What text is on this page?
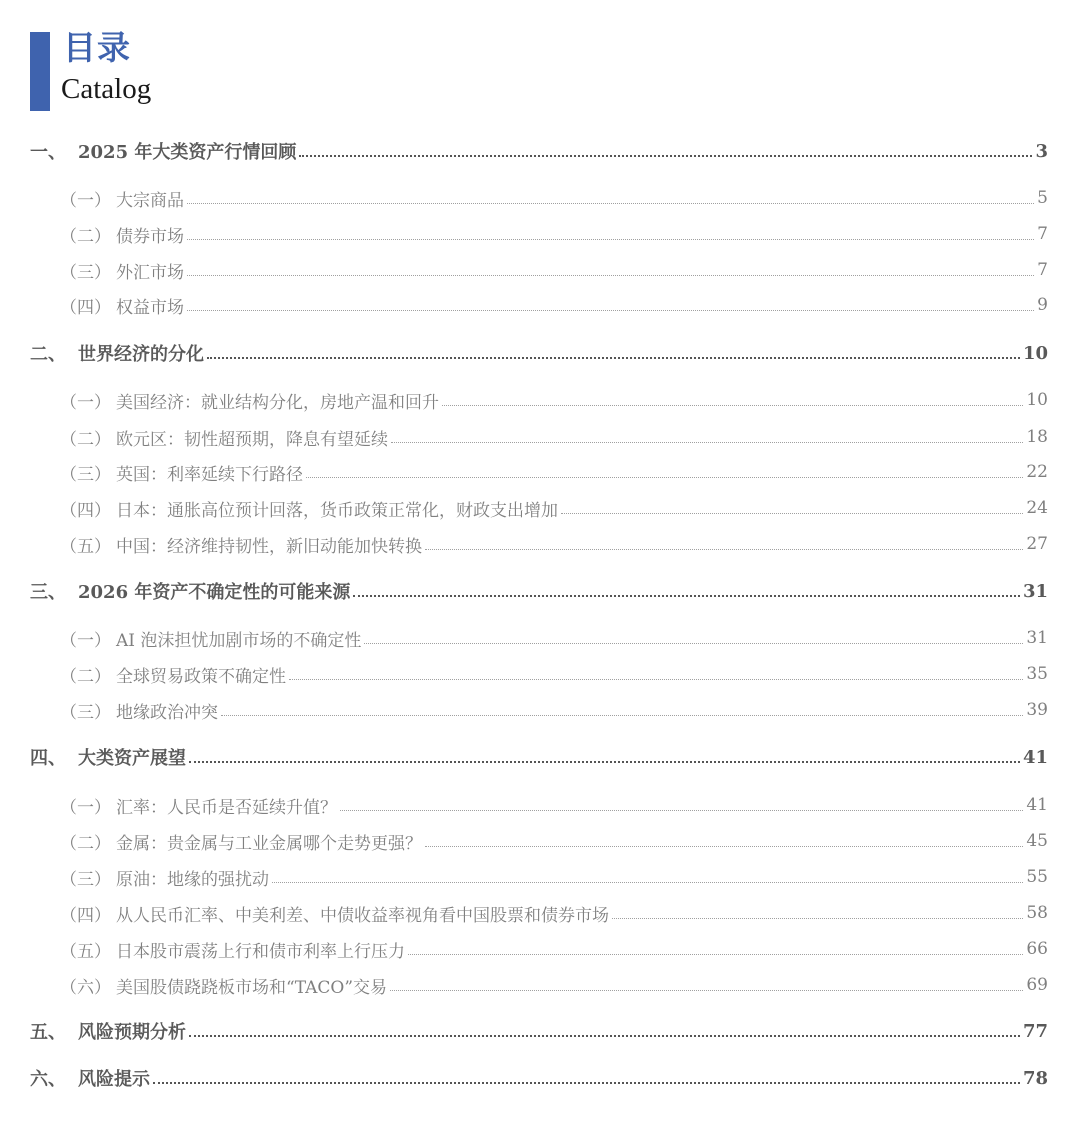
目录
Catalog
一、 2025 年大类资产行情回顾	3
（一） 大宗商品	5
（二） 债券市场	7
（三） 外汇市场	7
（四） 权益市场	9
二、 世界经济的分化	10
（一） 美国经济：就业结构分化，房地产温和回升	10
（二） 欧元区：韧性超预期，降息有望延续	18
（三） 英国：利率延续下行路径	22
（四） 日本：通胀高位预计回落，货币政策正常化，财政支出增加	24
（五） 中国：经济维持韧性，新旧动能加快转换	27
三、 2026 年资产不确定性的可能来源	31
（一） AI 泡沫担忧加剧市场的不确定性	31
（二） 全球贸易政策不确定性	35
（三） 地缘政治冲突	39
四、 大类资产展望	41
（一） 汇率：人民币是否延续升值？	41
（二） 金属：贵金属与工业金属哪个走势更强？	45
（三） 原油：地缘的强扰动	55
（四） 从人民币汇率、中美利差、中债收益率视角看中国股票和债券市场	58
（五） 日本股市震荡上行和债市利率上行压力	66
（六） 美国股债跷跷板市场和“TACO”交易	69
五、 风险预期分析	77
六、 风险提示	78
